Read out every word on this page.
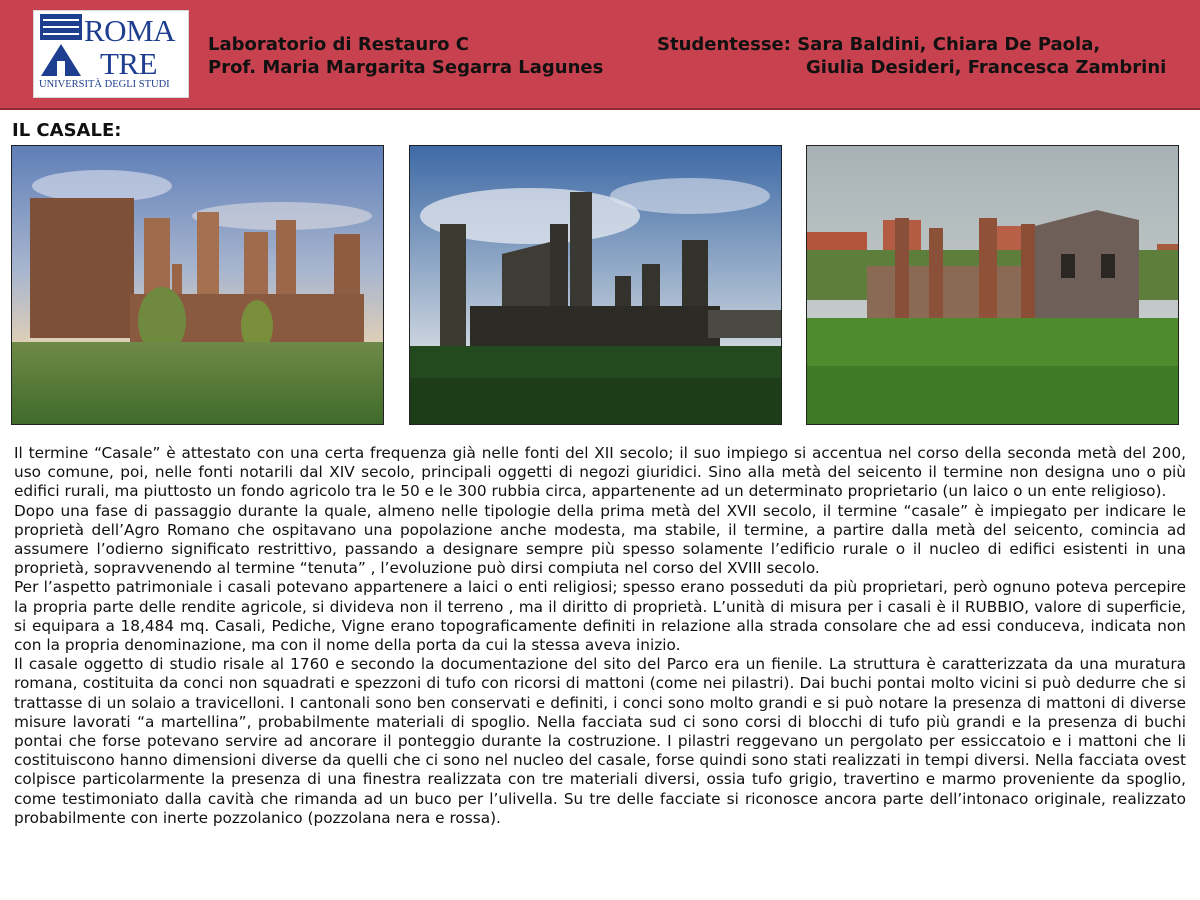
ROMA
TRE
UNIVERSITÀ DEGLI STUDI
Laboratorio di Restauro C
Prof. Maria Margarita Segarra Lagunes
Studentesse: Sara Baldini, Chiara De Paola,
Giulia Desideri, Francesca Zambrini
IL CASALE:

Il termine “Casale” è attestato con una certa frequenza già nelle fonti del XII secolo; il suo impiego si accentua nel corso della seconda metà del 200, uso comune, poi, nelle fonti notarili dal XIV secolo, principali oggetti di negozi giuridici. Sino alla metà del seicento il termine non designa uno o più edifici rurali, ma piuttosto un fondo agricolo tra le 50 e le 300 rubbia circa, appartenente ad un determinato proprietario (un laico o un ente religioso).

Dopo una fase di passaggio durante la quale, almeno nelle tipologie della prima metà del XVII secolo, il termine “casale” è impiegato per indicare le proprietà dell’Agro Romano che ospitavano una popolazione anche modesta, ma stabile, il termine, a partire dalla metà del seicento, comincia ad assumere l’odierno significato restrittivo, passando a designare sempre più spesso solamente l’edificio rurale o il nucleo di edifici esistenti in una proprietà, sopravvenendo al termine “tenuta” , l’evoluzione può dirsi compiuta nel corso del XVIII secolo.

Per l’aspetto patrimoniale i casali potevano appartenere a laici o enti religiosi; spesso erano posseduti da più proprietari, però ognuno poteva percepire la propria parte delle rendite agricole, si divideva non il terreno , ma il diritto di proprietà. L’unità di misura per i casali è il RUBBIO, valore di superficie, si equipara a 18,484 mq. Casali, Pediche, Vigne erano topograficamente definiti in relazione alla strada consolare che ad essi conduceva, indicata non con la propria denominazione, ma con il nome della porta da cui la stessa aveva inizio.

Il casale oggetto di studio risale al 1760 e secondo la documentazione del sito del Parco era un fienile. La struttura è caratterizzata da una muratura romana, costituita da conci non squadrati e spezzoni di tufo con ricorsi di mattoni (come nei pilastri). Dai buchi pontai molto vicini si può dedurre che si trattasse di un solaio a travicelloni. I cantonali sono ben conservati e definiti, i conci sono molto grandi e si può notare la presenza di mattoni di diverse misure lavorati “a martellina”, probabilmente materiali di spoglio. Nella facciata sud ci sono corsi di blocchi di tufo più grandi e la presenza di buchi pontai che forse potevano servire ad ancorare il ponteggio durante la costruzione. I pilastri reggevano un pergolato per essiccatoio e i mattoni che li costituiscono hanno dimensioni diverse da quelli che ci sono nel nucleo del casale, forse quindi sono stati realizzati in tempi diversi. Nella facciata ovest colpisce particolarmente la presenza di una finestra realizzata con tre materiali diversi, ossia tufo grigio, travertino e marmo proveniente da spoglio, come testimoniato dalla cavità che rimanda ad un buco per l’ulivella. Su tre delle facciate si riconosce ancora parte dell’intonaco originale, realizzato probabilmente con inerte pozzolanico (pozzolana nera e rossa).
